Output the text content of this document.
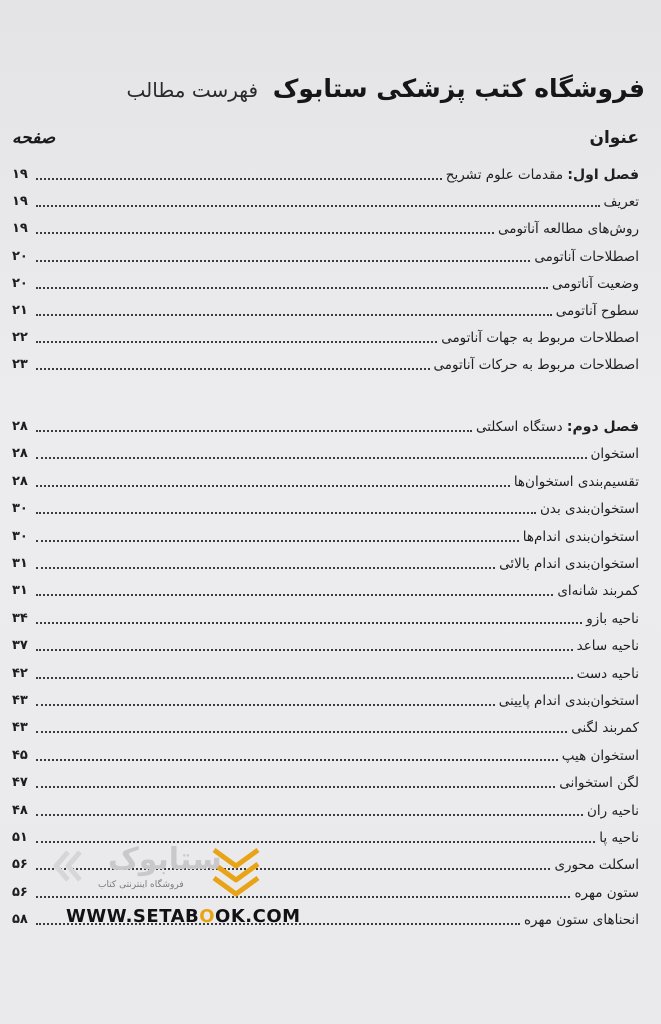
فروشگاه کتب پزشکی ستابوک فهرست مطالب
عنوان
صفحه
فصل اول: مقدمات علوم تشریح
۱۹
تعریف
۱۹
روش‌های مطالعه آناتومی
۱۹
اصطلاحات آناتومی
۲۰
وضعیت آناتومی
۲۰
سطوح آناتومی
۲۱
اصطلاحات مربوط به جهات آناتومی
۲۲
اصطلاحات مربوط به حرکات آناتومی
۲۳
فصل دوم: دستگاه اسکلتی
۲۸
استخوان
۲۸
تقسیم‌بندی استخوان‌ها
۲۸
استخوان‌بندی بدن
۳۰
استخوان‌بندی اندام‌ها
۳۰
استخوان‌بندی اندام بالائی
۳۱
کمربند شانه‌ای
۳۱
ناحیه بازو
۳۴
ناحیه ساعد
۳۷
ناحیه دست
۴۲
استخوان‌بندی اندام پایینی
۴۳
کمربند لگنی
۴۳
استخوان هیپ
۴۵
لگن استخوانی
۴۷
ناحیه ران
۴۸
ناحیه پا
۵۱
اسکلت محوری
۵۶
ستون مهره
۵۶
انحناهای ستون مهره
۵۸
ستابوک
فروشگاه اینترنتی کتاب
WWW.SETABOOK.COM
